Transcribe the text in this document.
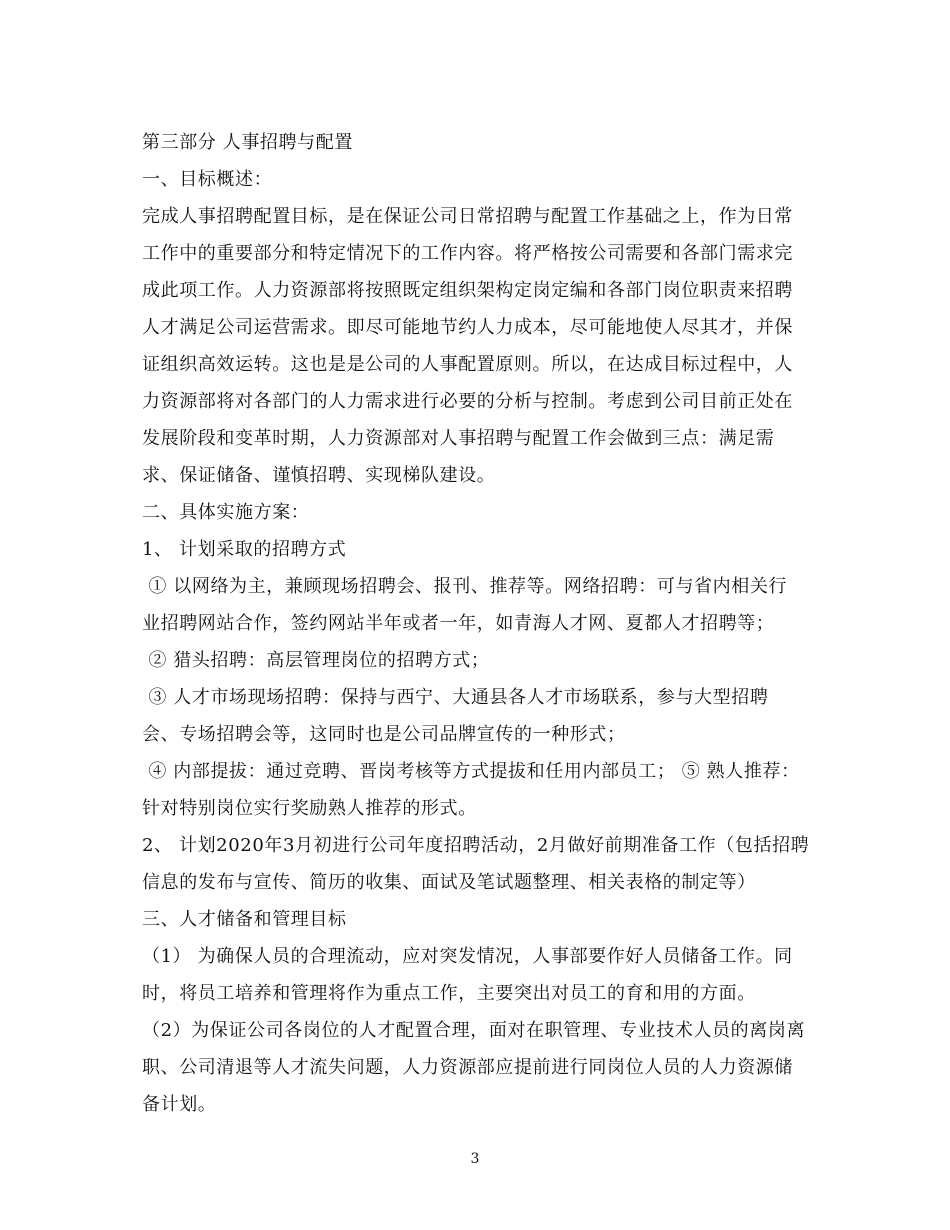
第三部分 人事招聘与配置

一、目标概述：

完成人事招聘配置目标，是在保证公司日常招聘与配置工作基础之上，作为日常

工作中的重要部分和特定情况下的工作内容。将严格按公司需要和各部门需求完

成此项工作。人力资源部将按照既定组织架构定岗定编和各部门岗位职责来招聘

人才满足公司运营需求。即尽可能地节约人力成本，尽可能地使人尽其才，并保

证组织高效运转。这也是是公司的人事配置原则。所以，在达成目标过程中，人

力资源部将对各部门的人力需求进行必要的分析与控制。考虑到公司目前正处在

发展阶段和变革时期，人力资源部对人事招聘与配置工作会做到三点：满足需

求、保证储备、谨慎招聘、实现梯队建设。

二、具体实施方案：

1、 计划采取的招聘方式

① 以网络为主，兼顾现场招聘会、报刊、推荐等。网络招聘：可与省内相关行

业招聘网站合作，签约网站半年或者一年，如青海人才网、夏都人才招聘等；

② 猎头招聘：高层管理岗位的招聘方式；

③ 人才市场现场招聘：保持与西宁、大通县各人才市场联系，参与大型招聘

会、专场招聘会等，这同时也是公司品牌宣传的一种形式；

④ 内部提拔：通过竞聘、晋岗考核等方式提拔和任用内部员工； ⑤ 熟人推荐：

针对特别岗位实行奖励熟人推荐的形式。

2、 计划2020年3月初进行公司年度招聘活动，2月做好前期准备工作（包括招聘

信息的发布与宣传、简历的收集、面试及笔试题整理、相关表格的制定等）

三、人才储备和管理目标

（1） 为确保人员的合理流动，应对突发情况，人事部要作好人员储备工作。同

时，将员工培养和管理将作为重点工作，主要突出对员工的育和用的方面。

（2）为保证公司各岗位的人才配置合理，面对在职管理、专业技术人员的离岗离

职、公司清退等人才流失问题，人力资源部应提前进行同岗位人员的人力资源储

备计划。

3
